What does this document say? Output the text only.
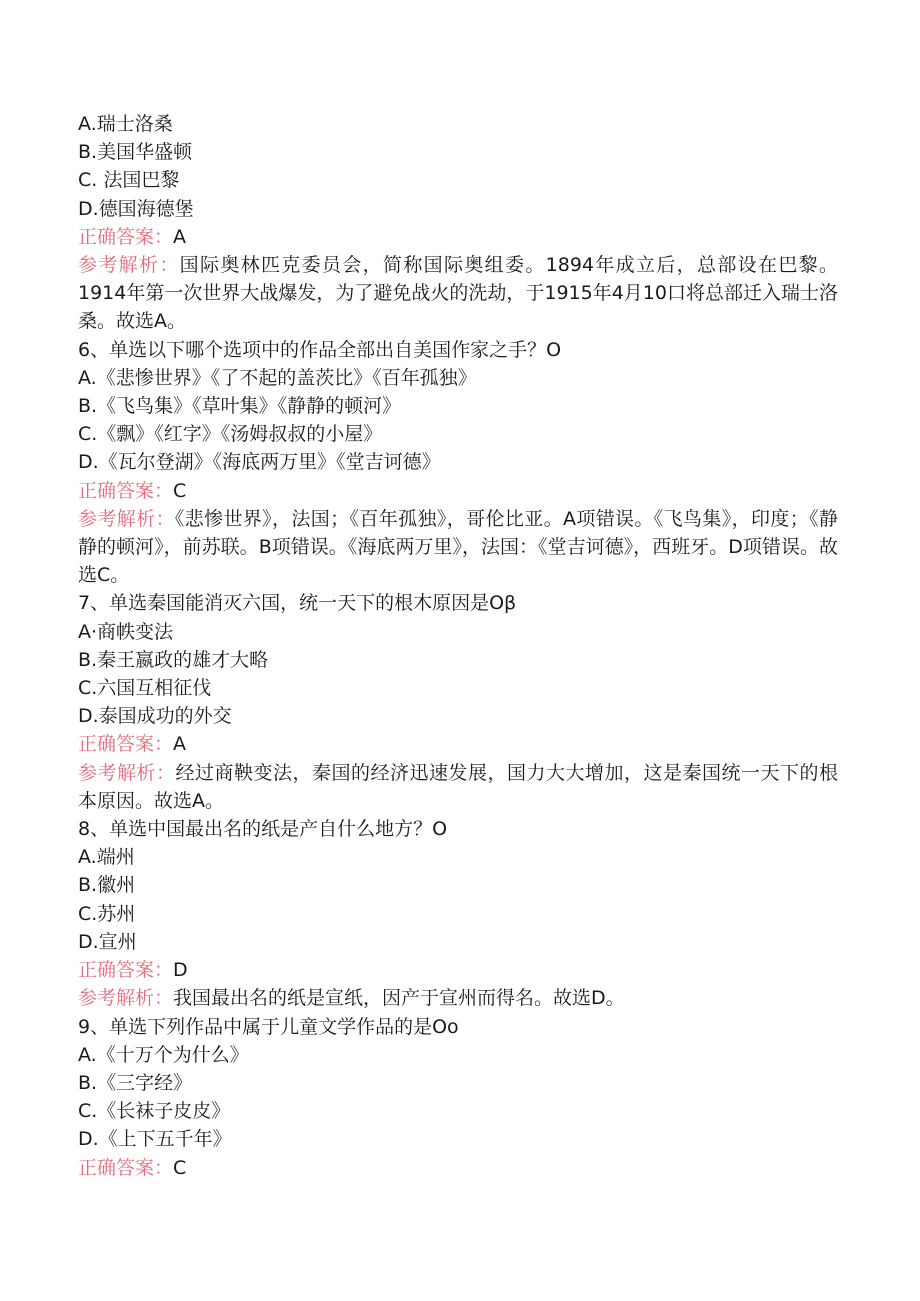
A.瑞士洛桑
B.美国华盛顿
C. 法国巴黎
D.德国海德堡
正确答案：A
参考解析：国际奥林匹克委员会，简称国际奥组委。1894年成立后，总部设在巴黎。1914年第一次世界大战爆发，为了避免战火的洗劫，于1915年4月10口将总部迁入瑞士洛桑。故选A。
6、单选以下哪个选项中的作品全部出自美国作家之手？O
A.《悲惨世界》《了不起的盖茨比》《百年孤独》
B.《飞鸟集》《草叶集》《静静的顿河》
C.《飘》《红字》《汤姆叔叔的小屋》
D.《瓦尔登湖》《海底两万里》《堂吉诃德》
正确答案：C
参考解析：《悲惨世界》，法国；《百年孤独》，哥伦比亚。A项错误。《飞鸟集》，印度；《静静的顿河》，前苏联。B项错误。《海底两万里》，法国：《堂吉诃德》，西班牙。D项错误。故选C。
7、单选秦国能消灭六国，统一天下的根木原因是Oβ
A·商帙变法
B.秦王嬴政的雄才大略
C.六国互相征伐
D.泰国成功的外交
正确答案：A
参考解析：经过商鞅变法，秦国的经济迅速发展，国力大大增加，这是秦国统一天下的根本原因。故选A。
8、单选中国最出名的纸是产自什么地方？O
A.端州
B.徽州
C.苏州
D.宣州
正确答案：D
参考解析：我国最出名的纸是宣纸，因产于宣州而得名。故选D。
9、单选下列作品中属于儿童文学作品的是Oo
A.《十万个为什么》
B.《三字经》
C.《长袜子皮皮》
D.《上下五千年》
正确答案：C
